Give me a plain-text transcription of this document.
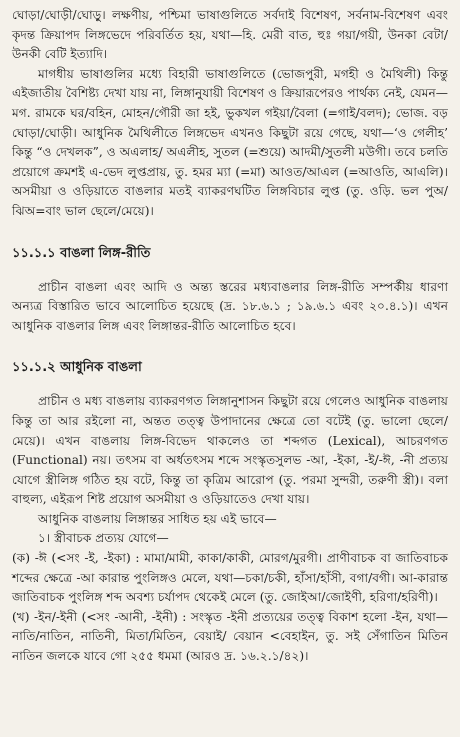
ঘোড়া/ঘোড়ী/ঘোড়ু। লক্ষণীয়, পশ্চিমা ভাষাগুলিতে সর্বদাই বিশেষণ, সর্বনাম-বিশেষণ এবং কৃদন্ত ক্রিয়াপদ লিঙ্গভেদে পরিবর্তিত হয়, যথা—হি. মেরী বাত, হুঃ গয়া/গয়ী, উনকা বেটা/উনকী বেটি ইত্যাদি।

মাগধীয় ভাষাগুলির মধ্যে বিহারী ভাষাগুলিতে (ভোজপুরী, মগহী ও মৈথিলী) কিন্তু এইজাতীয় বৈশিষ্ট্য দেখা যায় না, লিঙ্গানুযায়ী বিশেষণ ও ক্রিয়ারূপেরও পার্থক্য নেই, যেমন—মগ. রামকে ঘর/বহিন, মোহন/গৌরী জা হই, ভুকখল গইয়া/বৈলা (=গাই/বলদ); ভোজ. বড় ঘোড়া/ঘোড়ী। আধুনিক মৈথিলীতে লিঙ্গভেদ এখনও কিছুটা রয়ে গেছে, যথা—‘ও গেলীহ’ কিন্তু “ও দেখলক”, ও অএলাহ/ অএলীহ, সুতল (=শুয়ে) আদমী/সুতলী মউগী। তবে চলতি প্রয়োগে ক্রমশই এ-ভেদ লুপ্তপ্রায়, তু. হমর ম্যা (=মা) আওত/আএল (=আওতি, আএলি)। অসমীয়া ও ওড়িয়াতে বাঙলার মতই ব্যাকরণঘটিত লিঙ্গবিচার লুপ্ত (তু. ওড়ি. ভল পুঅ/ঝিঅ=বাং ভাল ছেলে/মেয়ে)।

১১.১.১ বাঙলা লিঙ্গ-রীতি

প্রাচীন বাঙলা এবং আদি ও অন্ত্য স্তরের মধ্যবাঙলার লিঙ্গ-রীতি সম্পর্কীয় ধারণা অন্যত্র বিস্তারিত ভাবে আলোচিত হয়েছে (দ্র. ১৮.৬.১ ; ১৯.৬.১ এবং ২০.৪.১)। এখন আধুনিক বাঙলার লিঙ্গ এবং লিঙ্গান্তর-রীতি আলোচিত হবে।

১১.১.২ আধুনিক বাঙলা

প্রাচীন ও মধ্য বাঙলায় ব্যাকরণগত লিঙ্গানুশাসন কিছুটা রয়ে গেলেও আধুনিক বাঙলায় কিন্তু তা আর রইলো না, অন্তত তত্ত্ব উপাদানের ক্ষেত্রে তো বটেই (তু. ভালো ছেলে/মেয়ে)। এখন বাঙলায় লিঙ্গ-বিভেদ থাকলেও তা শব্দগত (Lexical), আচরণগত (Functional) নয়। তৎসম বা অর্ধতৎসম শব্দে সংস্কৃতসুলভ -আ, -ইকা, -ই/-ঈ, -নী প্রত্যয় যোগে স্ত্রীলিঙ্গ গঠিত হয় বটে, কিন্তু তা কৃত্রিম আরোপ (তু. পরমা সুন্দরী, তরুণী স্ত্রী)। বলা বাহুল্য, এইরূপ শিষ্ট প্রয়োগ অসমীয়া ও ওড়িয়াতেও দেখা যায়।

আধুনিক বাঙলায় লিঙ্গান্তর সাধিত হয় এই ভাবে—

১। স্ত্রীবাচক প্রত্যয় যোগে—

(ক) -ঈ (<সং -ই, -ইকা) : মামা/মামী, কাকা/কাকী, মোরগ/মুরগী। প্রাণীবাচক বা জাতিবাচক শব্দের ক্ষেত্রে -আ কারান্ত পুংলিঙ্গও মেলে, যথা—চকা/চকী, হাঁসা/হাঁসী, বগা/বগী। আ-কারান্ত জাতিবাচক পুংলিঙ্গ শব্দ অবশ্য চর্যাপদ থেকেই মেলে (তু. জোইআ/জোইণী, হরিণা/হরিণী)।

(খ) -ইন/-ইনী (<সং -আনী, -ইনী) : সংস্কৃত -ইনী প্রত্যয়ের তত্ত্ব বিকাশ হলো -ইন, যথা—নাতি/নাতিন, নাতিনী, মিতা/মিতিন, বেয়াই/ বেয়ান <বেহাইন, তু. সই সেঁগাতিন মিতিন নাতিন জলকে যাবে গো ২৫৫ ধমমা (আরও দ্র. ১৬.২.১/৪২)।
